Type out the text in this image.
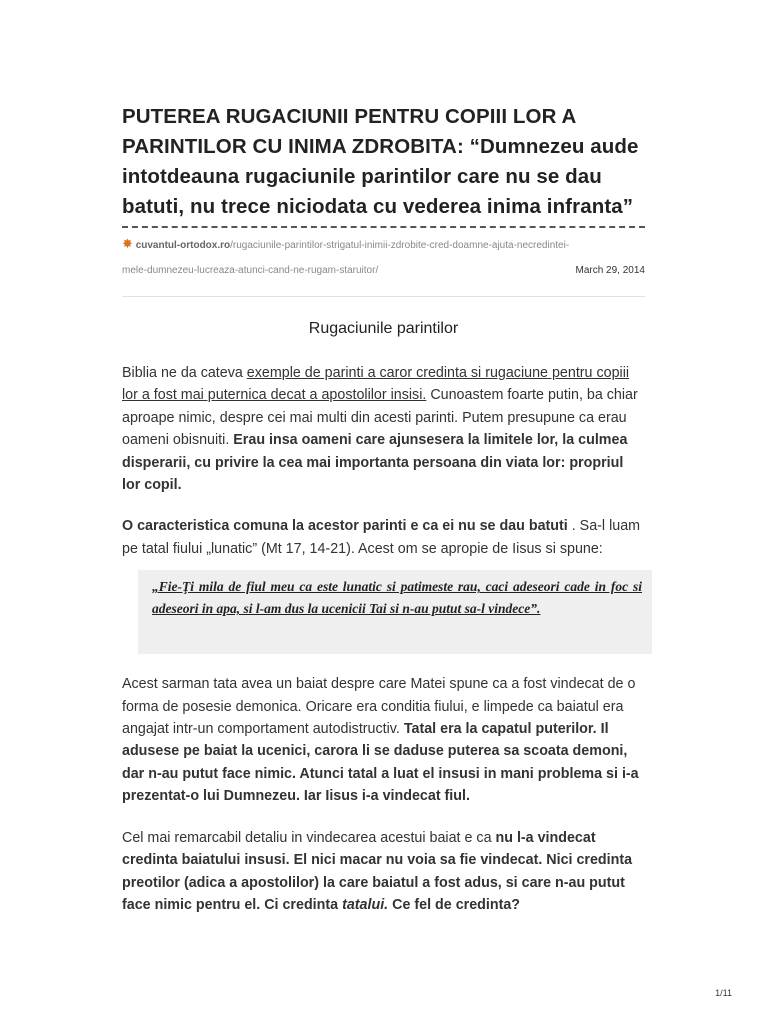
PUTEREA RUGACIUNII PENTRU COPIII LOR A PARINTILOR CU INIMA ZDROBITA: “Dumnezeu aude intotdeauna rugaciunile parintilor care nu se dau batuti, nu trece niciodata cu vederea inima infranta”
✸ cuvantul-ortodox.ro/rugaciunile-parintilor-strigatul-inimii-zdrobite-cred-doamne-ajuta-necredintei-
mele-dumnezeu-lucreaza-atunci-cand-ne-rugam-staruitor/	March 29, 2014
Rugaciunile parintilor

Biblia ne da cateva exemple de parinti a caror credinta si rugaciune pentru copiii lor a fost mai puternica decat a apostolilor insisi. Cunoastem foarte putin, ba chiar aproape nimic, despre cei mai multi din acesti parinti. Putem presupune ca erau oameni obisnuiti. Erau insa oameni care ajunsesera la limitele lor, la culmea disperarii, cu privire la cea mai importanta persoana din viata lor: propriul lor copil.

O caracteristica comuna la acestor parinti e ca ei nu se dau batuti . Sa-l luam pe tatal fiului „lunatic” (Mt 17, 14-21). Acest om se apropie de Iisus si spune:

„Fie-Ţi mila de fiul meu ca este lunatic si patimeste rau, caci adeseori cade in foc si adeseori in apa, si l-am dus la ucenicii Tai si n-au putut sa-l vindece”.

Acest sarman tata avea un baiat despre care Matei spune ca a fost vindecat de o forma de posesie demonica. Oricare era conditia fiului, e limpede ca baiatul era angajat intr-un comportament autodistructiv. Tatal era la capatul puterilor. Il adusese pe baiat la ucenici, carora li se daduse puterea sa scoata demoni, dar n-au putut face nimic. Atunci tatal a luat el insusi in mani problema si i-a prezentat-o lui Dumnezeu. Iar Iisus i-a vindecat fiul.

Cel mai remarcabil detaliu in vindecarea acestui baiat e ca nu l-a vindecat credinta baiatului insusi. El nici macar nu voia sa fie vindecat. Nici credinta preotilor (adica a apostolilor) la care baiatul a fost adus, si care n-au putut face nimic pentru el. Ci credinta tatalui. Ce fel de credinta?

1/11
